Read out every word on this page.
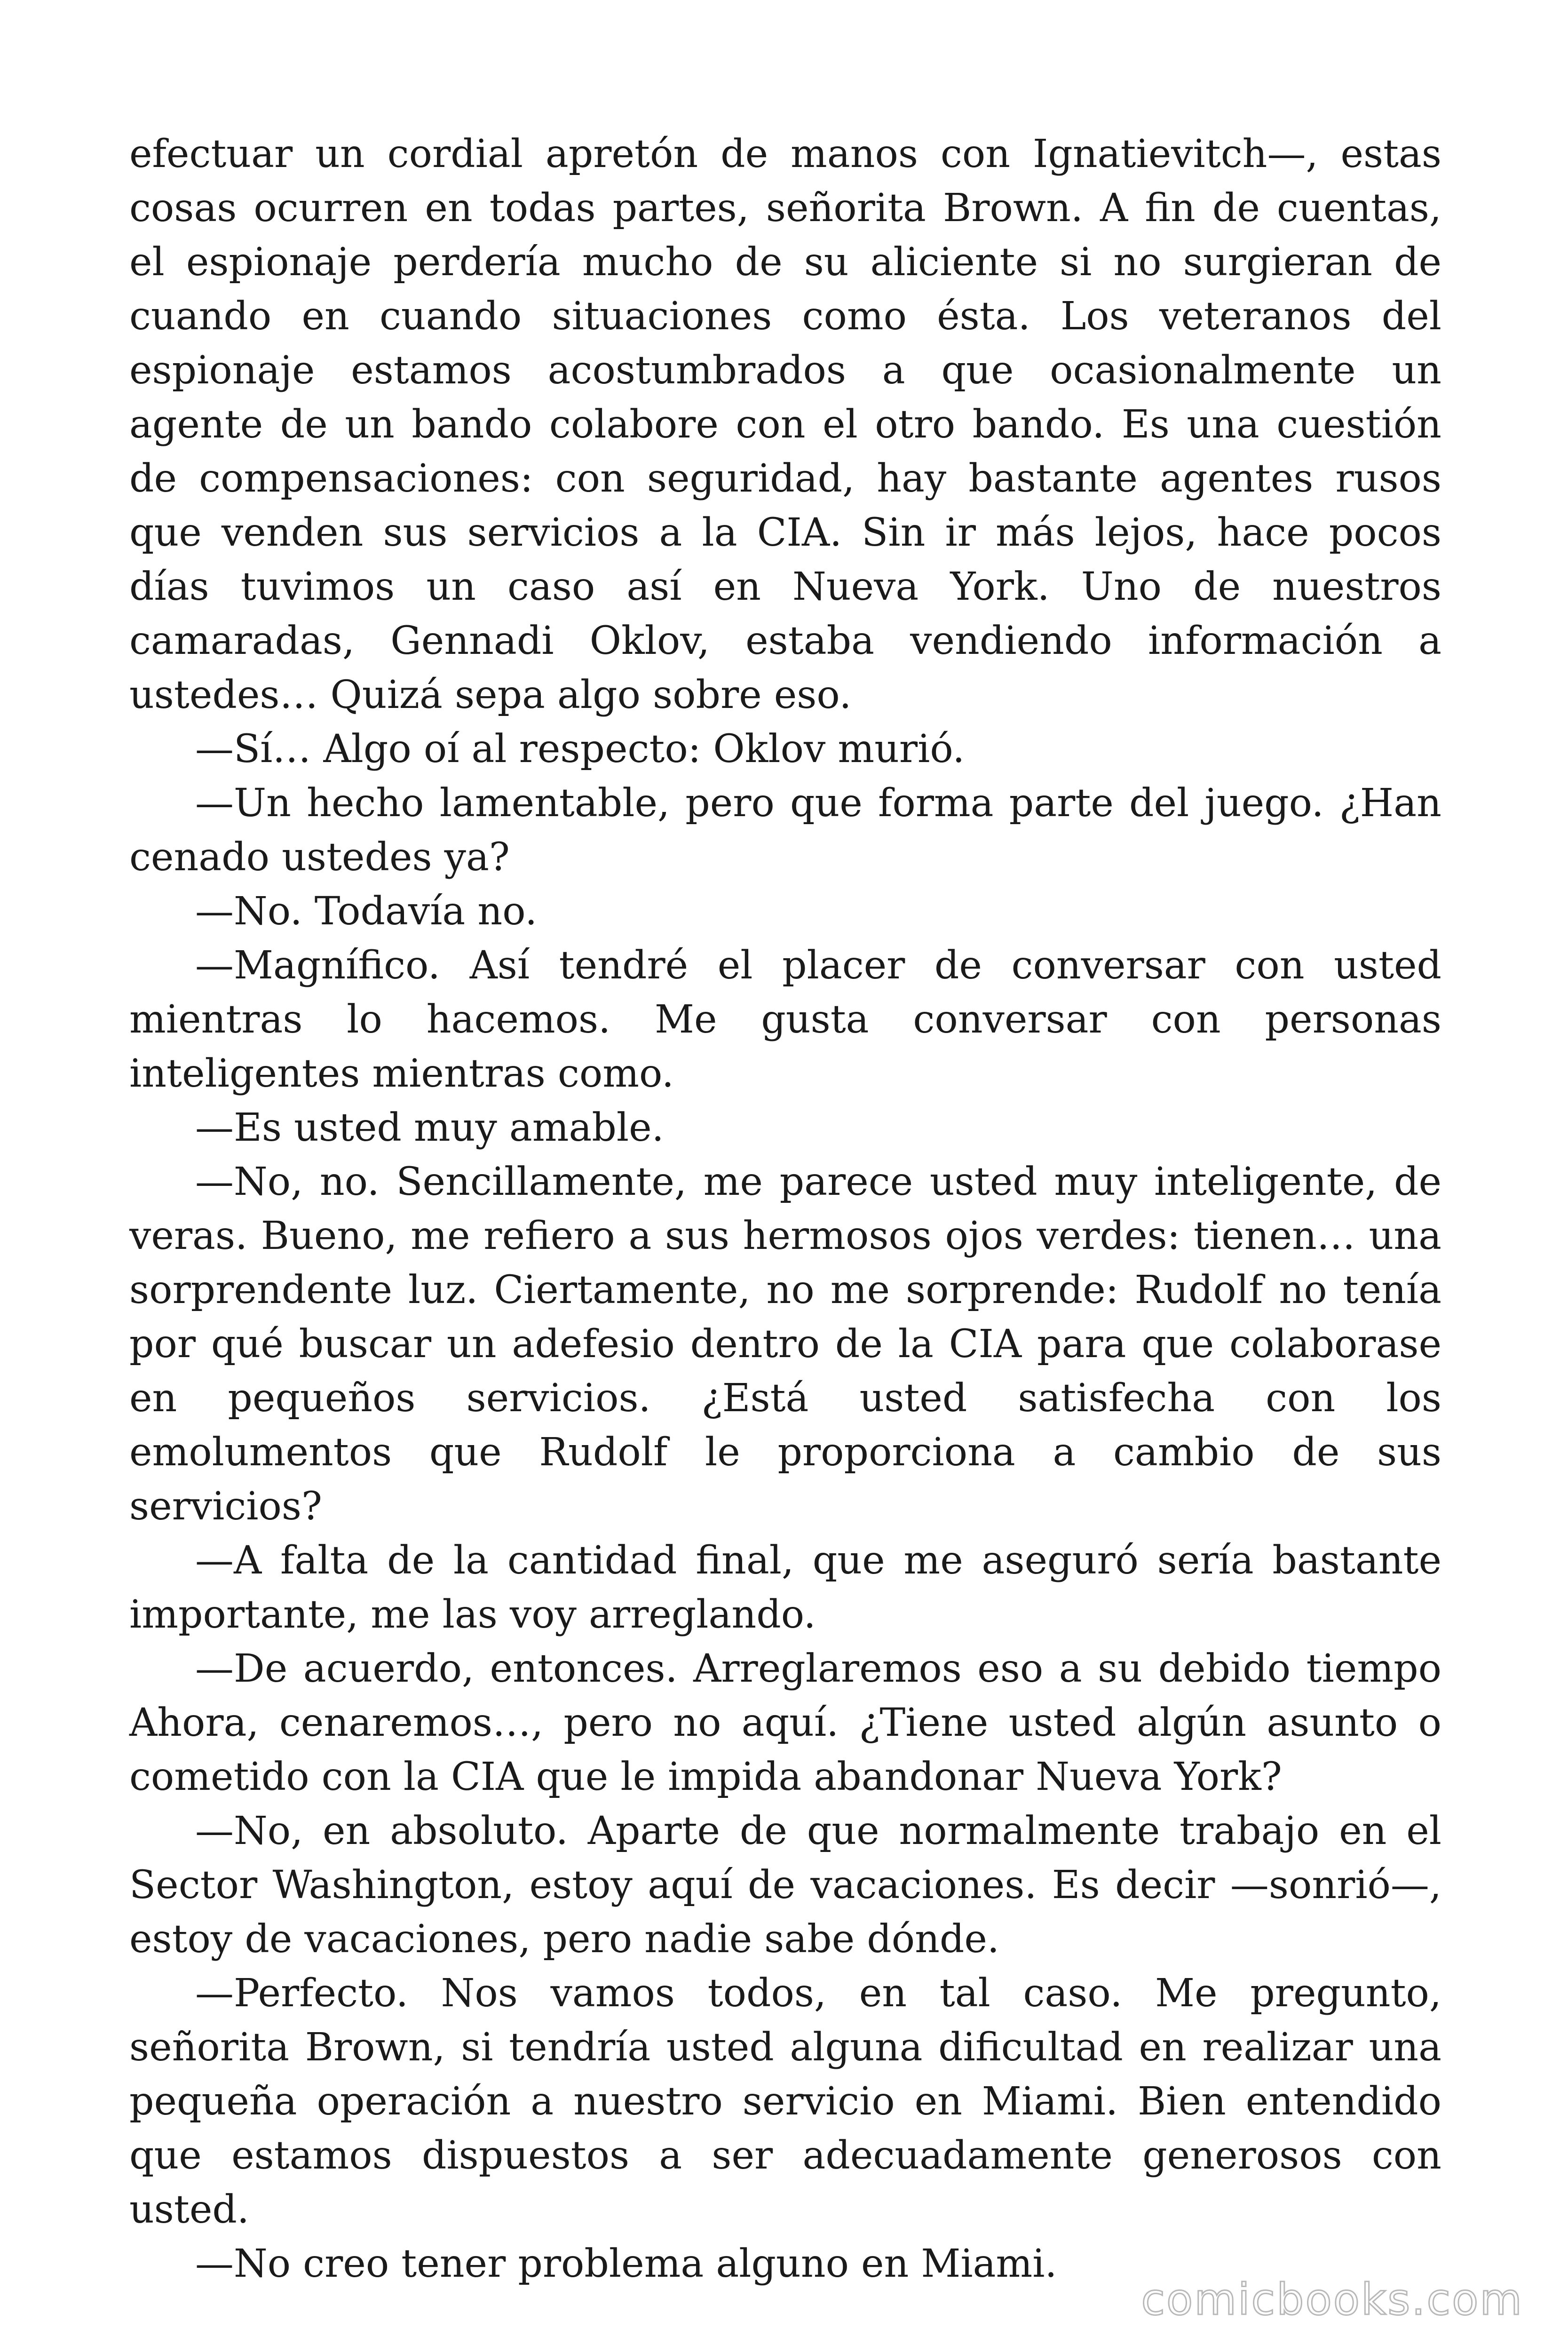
efectuar un cordial apretón de manos con Ignatievitch—, estas cosas ocurren en todas partes, señorita Brown. A fin de cuentas, el espionaje perdería mucho de su aliciente si no surgieran de cuando en cuando situaciones como ésta. Los veteranos del espionaje estamos acostumbrados a que ocasionalmente un agente de un bando colabore con el otro bando. Es una cuestión de compensaciones: con seguridad, hay bastante agentes rusos que venden sus servicios a la CIA. Sin ir más lejos, hace pocos días tuvimos un caso así en Nueva York. Uno de nuestros camaradas, Gennadi Oklov, estaba vendiendo información a ustedes… Quizá sepa algo sobre eso.

—Sí… Algo oí al respecto: Oklov murió.

—Un hecho lamentable, pero que forma parte del juego. ¿Han cenado ustedes ya?

—No. Todavía no.

—Magnífico. Así tendré el placer de conversar con usted mientras lo hacemos. Me gusta conversar con personas inteligentes mientras como.

—Es usted muy amable.

—No, no. Sencillamente, me parece usted muy inteligente, de veras. Bueno, me refiero a sus hermosos ojos verdes: tienen… una sorprendente luz. Ciertamente, no me sorprende: Rudolf no tenía por qué buscar un adefesio dentro de la CIA para que colaborase en pequeños servicios. ¿Está usted satisfecha con los emolumentos que Rudolf le proporciona a cambio de sus servicios?

—A falta de la cantidad final, que me aseguró sería bastante importante, me las voy arreglando.

—De acuerdo, entonces. Arreglaremos eso a su debido tiempo Ahora, cenaremos…, pero no aquí. ¿Tiene usted algún asunto o cometido con la CIA que le impida abandonar Nueva York?

—No, en absoluto. Aparte de que normalmente trabajo en el Sector Washington, estoy aquí de vacaciones. Es decir —sonrió—, estoy de vacaciones, pero nadie sabe dónde.

—Perfecto. Nos vamos todos, en tal caso. Me pregunto, señorita Brown, si tendría usted alguna dificultad en realizar una pequeña operación a nuestro servicio en Miami. Bien entendido que estamos dispuestos a ser adecuadamente generosos con usted.

—No creo tener problema alguno en Miami.

comicbooks.com
